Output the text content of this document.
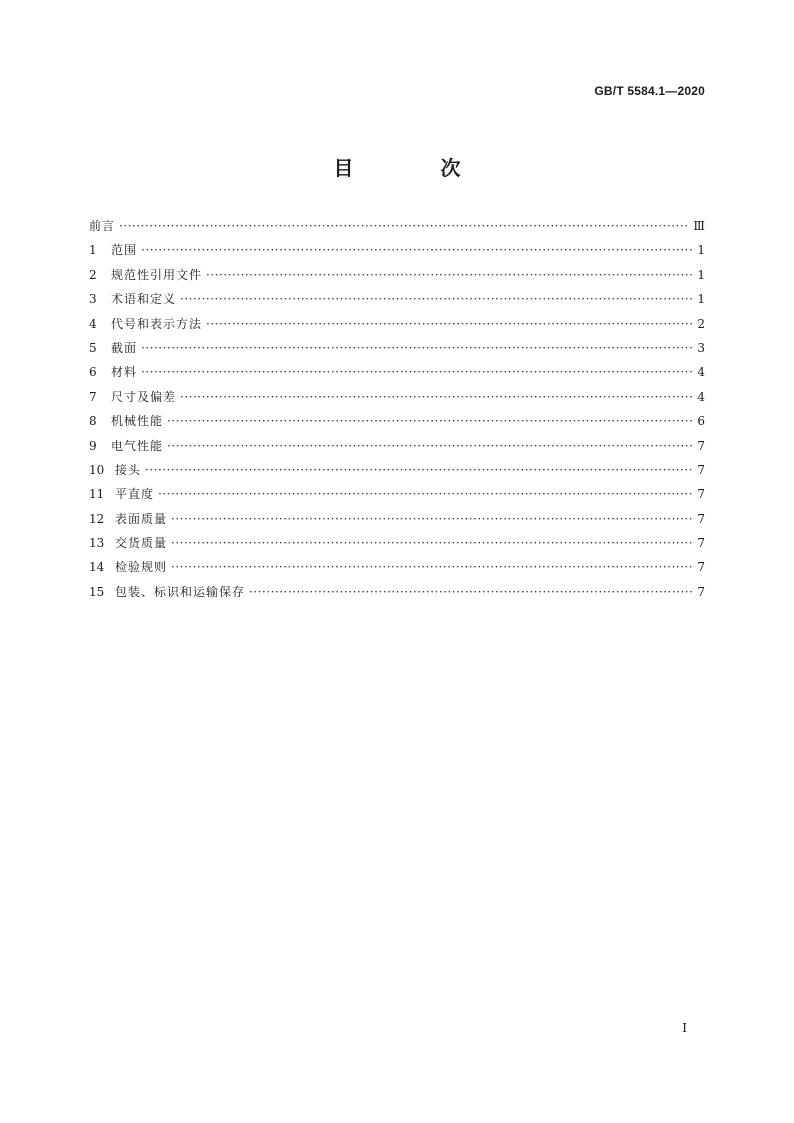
GB/T 5584.1—2020
目 次
前言 ·····	Ⅲ
1	范围 ·····	1
2	规范性引用文件 ·····	1
3	术语和定义 ·····	1
4	代号和表示方法 ·····	2
5	截面 ·····	3
6	材料 ·····	4
7	尺寸及偏差 ·····	4
8	机械性能 ·····	6
9	电气性能 ·····	7
10 接头 ·····	7
11 平直度 ·····	7
12 表面质量 ·····	7
13 交货质量 ·····	7
14 检验规则 ·····	7
15 包装、标识和运输保存 ·····	7
Ⅰ
